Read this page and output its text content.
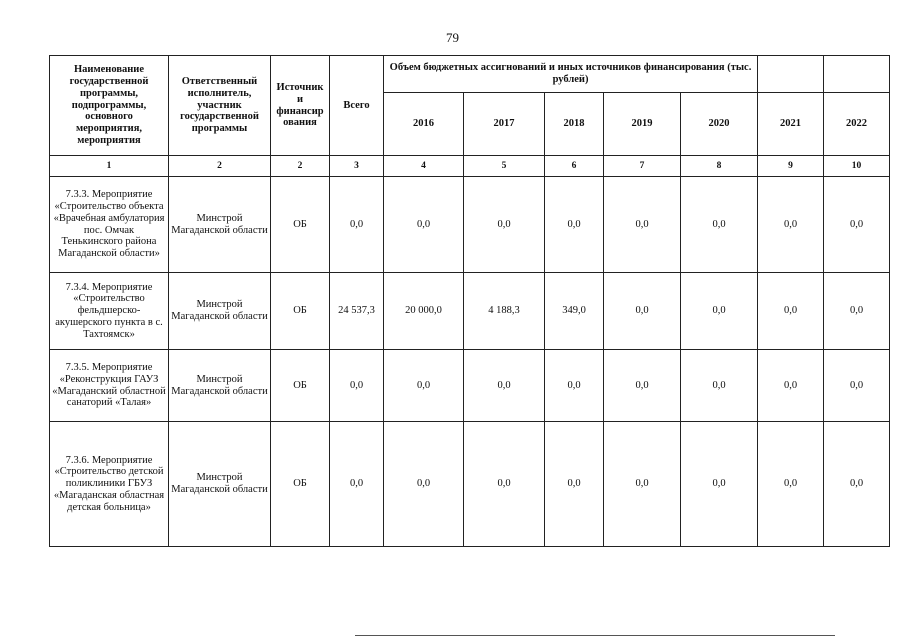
79
Наименование государственной программы, подпрограммы, основного мероприятия, мероприятия	Ответственный исполнитель, участник государственной программы	Источник и финансир ования	Всего	Объем бюджетных ассигнований и иных источников финансирования (тыс. рублей)						
				2016	2017	2018	2019	2020	2021	2022
1	2	2	3	4	5	6	7	8	9	10
7.3.3. Мероприятие «Строительство объекта «Врачебная амбулатория пос. Омчак Тенькинского района Магаданской области»	Минстрой Магаданской области	ОБ	0,0	0,0	0,0	0,0	0,0	0,0	0,0	0,0
7.3.4. Мероприятие «Строительство фельдшерско-акушерского пункта в с. Тахтоямск»	Минстрой Магаданской области	ОБ	24 537,3	20 000,0	4 188,3	349,0	0,0	0,0	0,0	0,0
7.3.5. Мероприятие «Реконструкция ГАУЗ «Магаданский областной санаторий «Талая»	Минстрой Магаданской области	ОБ	0,0	0,0	0,0	0,0	0,0	0,0	0,0	0,0
7.3.6. Мероприятие «Строительство детской поликлиники ГБУЗ «Магаданская областная детская больница»	Минстрой Магаданской области	ОБ	0,0	0,0	0,0	0,0	0,0	0,0	0,0	0,0
